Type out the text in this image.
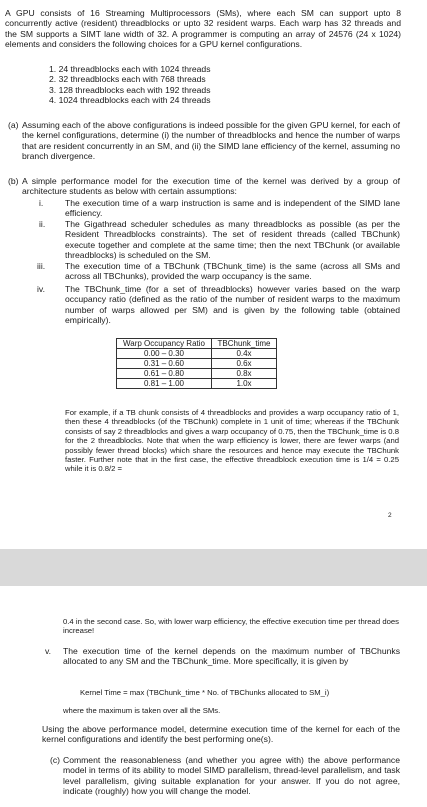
A GPU consists of 16 Streaming Multiprocessors (SMs), where each SM can support upto 8 concurrently active (resident) threadblocks or upto 32 resident warps. Each warp has 32 threads and the SM supports a SIMT lane width of 32. A programmer is computing an array of 24576 (24 x 1024) elements and considers the following choices for a GPU kernel configurations.
1. 24 threadblocks each with 1024 threads
2. 32 threadblocks each with 768 threads
3. 128 threadblocks each with 192 threads
4. 1024 threadblocks each with 24 threads
(a) Assuming each of the above configurations is indeed possible for the given GPU kernel, for each of the kernel configurations, determine (i) the number of threadblocks and hence the number of warps that are resident concurrently in an SM, and (ii) the SIMD lane efficiency of the kernel, assuming no branch divergence.
(b) A simple performance model for the execution time of the kernel was derived by a group of architecture students as below with certain assumptions:
i.	The execution time of a warp instruction is same and is independent of the SIMD lane efficiency.
ii. The Gigathread scheduler schedules as many threadblocks as possible (as per the Resident Threadblocks constraints). The set of resident threads (called TBChunk) execute together and complete at the same time; then the next TBChunk (or available threadblocks) is scheduled on the SM.
iii. The execution time of a TBChunk (TBChunk_time) is the same (across all SMs and across all TBChunks), provided the warp occupancy is the same.
iv. The TBChunk_time (for a set of threadblocks) however varies based on the warp occupancy ratio (defined as the ratio of the number of resident warps to the maximum number of warps allowed per SM) and is given by the following table (obtained empirically).
Warp Occupancy Ratio	TBChunk_time
0.00 – 0.30	0.4x
0.31 – 0.60	0.6x
0.61 – 0.80	0.8x
0.81 – 1.00	1.0x
For example, if a TB chunk consists of 4 threadblocks and provides a warp occupancy ratio of 1, then these 4 threadblocks (of the TBChunk) complete in 1 unit of time; whereas if the TBChunk consists of say 2 threadblocks and gives a warp occupancy of 0.75, then the TBChunk_time is 0.8 for the 2 threadblocks. Note that when the warp efficiency is lower, there are fewer warps (and possibly fewer thread blocks) which share the resources and hence may execute the TBChunk faster. Further note that in the first case, the effective threadblock execution time is 1/4 = 0.25 while it is 0.8/2 =
2
0.4 in the second case. So, with lower warp efficiency, the effective execution time per thread does increase!
v. The execution time of the kernel depends on the maximum number of TBChunks allocated to any SM and the TBChunk_time. More specifically, it is given by
Kernel Time = max (TBChunk_time * No. of TBChunks allocated to SM_i)
where the maximum is taken over all the SMs.
Using the above performance model, determine execution time of the kernel for each of the kernel configurations and identify the best performing one(s).
(c) Comment the reasonableness (and whether you agree with) the above performance model in terms of its ability to model SIMD parallelism, thread-level parallelism, and task level parallelism, giving suitable explanation for your answer. If you do not agree, indicate (roughly) how you will change the model.
